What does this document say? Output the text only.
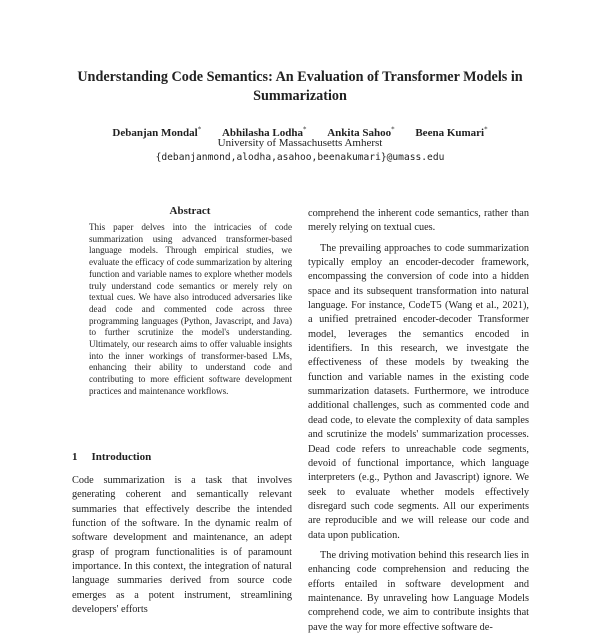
Understanding Code Semantics: An Evaluation of Transformer Models in Summarization
Debanjan Mondal* Abhilasha Lodha* Ankita Sahoo* Beena Kumari*
University of Massachusetts Amherst
{debanjanmond,alodha,asahoo,beenakumari}@umass.edu
Abstract

This paper delves into the intricacies of code summarization using advanced transformer-based language models. Through empirical studies, we evaluate the efficacy of code summarization by altering function and variable names to explore whether models truly understand code semantics or merely rely on textual cues. We have also introduced adversaries like dead code and commented code across three programming languages (Python, Javascript, and Java) to further scrutinize the model's understanding. Ultimately, our research aims to offer valuable insights into the inner workings of transformer-based LMs, enhancing their ability to understand code and contributing to more efficient software development practices and maintenance workflows.

1 Introduction

Code summarization is a task that involves generating coherent and semantically relevant summaries that effectively describe the intended function of the software. In the dynamic realm of software development and maintenance, an adept grasp of program functionalities is of paramount importance. In this context, the integration of natural language summaries derived from source code emerges as a potent instrument, streamlining developers' efforts

comprehend the inherent code semantics, rather than merely relying on textual cues.

The prevailing approaches to code summarization typically employ an encoder-decoder framework, encompassing the conversion of code into a hidden space and its subsequent transformation into natural language. For instance, CodeT5 (Wang et al., 2021), a unified pretrained encoder-decoder Transformer model, leverages the semantics encoded in identifiers. In this research, we investgate the effectiveness of these models by tweaking the function and variable names in the existing code summarization datasets. Furthermore, we introduce additional challenges, such as commented code and dead code, to elevate the complexity of data samples and scrutinize the models' summarization processes. Dead code refers to unreachable code segments, devoid of functional importance, which language interpreters (e.g., Python and Javascript) ignore. We seek to evaluate whether models effectively disregard such code segments. All our experiments are reproducible and we will release our code and data upon publication.

The driving motivation behind this research lies in enhancing code comprehension and reducing the efforts entailed in software development and maintenance. By unraveling how Language Models comprehend code, we aim to contribute insights that pave the way for more effective software de-
